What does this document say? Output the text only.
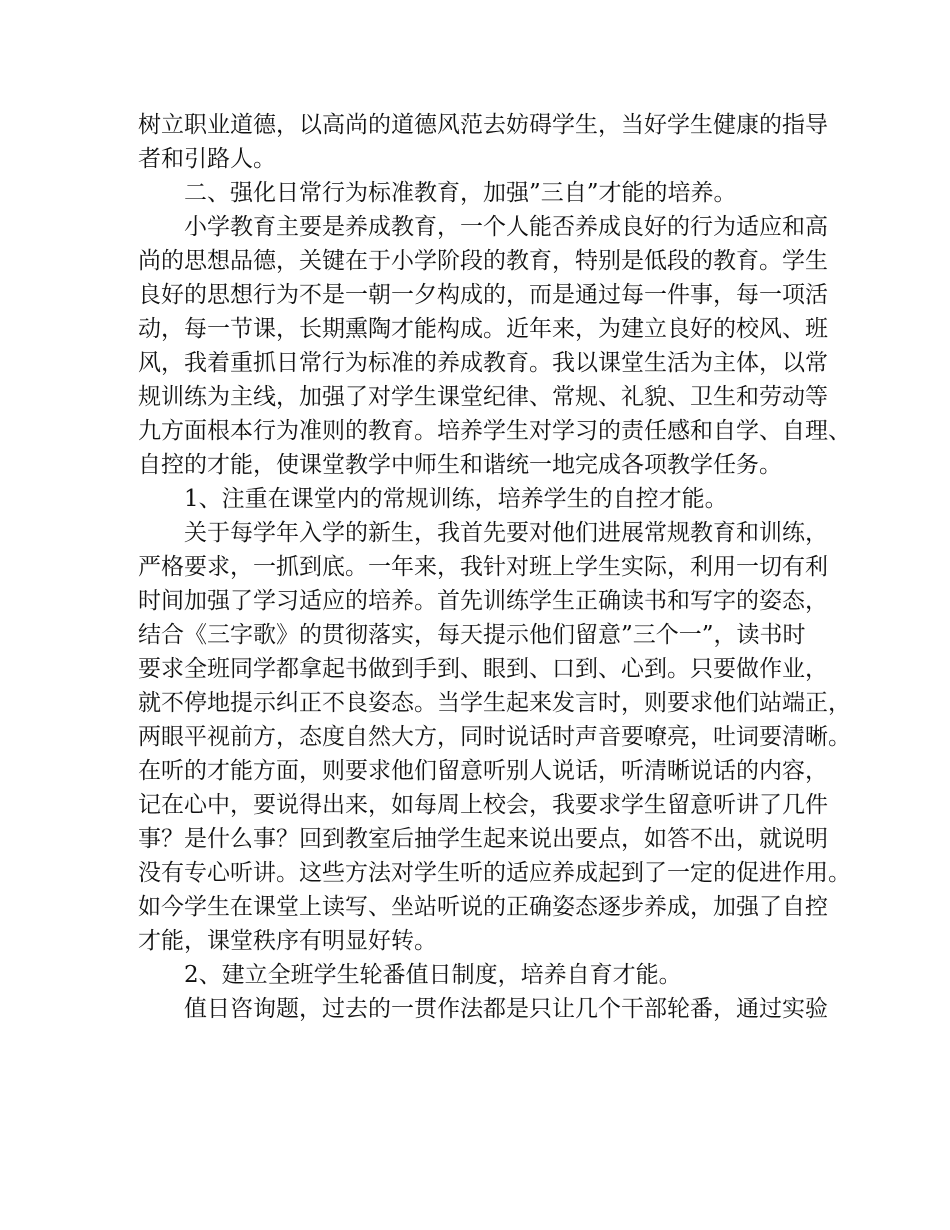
树立职业道德，以高尚的道德风范去妨碍学生，当好学生健康的指导
者和引路人。
二、强化日常行为标准教育，加强”三自”才能的培养。
小学教育主要是养成教育，一个人能否养成良好的行为适应和高
尚的思想品德，关键在于小学阶段的教育，特别是低段的教育。学生
良好的思想行为不是一朝一夕构成的，而是通过每一件事，每一项活
动，每一节课，长期熏陶才能构成。近年来，为建立良好的校风、班
风，我着重抓日常行为标准的养成教育。我以课堂生活为主体，以常
规训练为主线，加强了对学生课堂纪律、常规、礼貌、卫生和劳动等
九方面根本行为准则的教育。培养学生对学习的责任感和自学、自理、
自控的才能，使课堂教学中师生和谐统一地完成各项教学任务。
1、注重在课堂内的常规训练，培养学生的自控才能。
关于每学年入学的新生，我首先要对他们进展常规教育和训练，
严格要求，一抓到底。一年来，我针对班上学生实际，利用一切有利
时间加强了学习适应的培养。首先训练学生正确读书和写字的姿态，
结合《三字歌》的贯彻落实，每天提示他们留意”三个一”，读书时
要求全班同学都拿起书做到手到、眼到、口到、心到。只要做作业，
就不停地提示纠正不良姿态。当学生起来发言时，则要求他们站端正，
两眼平视前方，态度自然大方，同时说话时声音要嘹亮，吐词要清晰。
在听的才能方面，则要求他们留意听别人说话，听清晰说话的内容，
记在心中，要说得出来，如每周上校会，我要求学生留意听讲了几件
事？是什么事？回到教室后抽学生起来说出要点，如答不出，就说明
没有专心听讲。这些方法对学生听的适应养成起到了一定的促进作用。
如今学生在课堂上读写、坐站听说的正确姿态逐步养成，加强了自控
才能，课堂秩序有明显好转。
2、建立全班学生轮番值日制度，培养自育才能。
值日咨询题，过去的一贯作法都是只让几个干部轮番，通过实验
